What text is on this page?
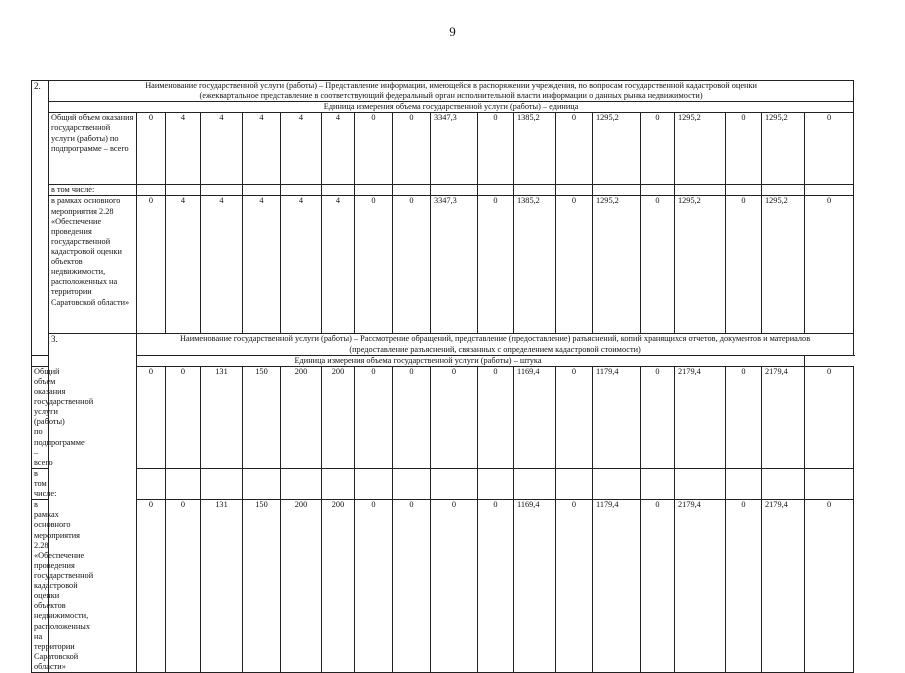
9
2.	Наименование государственной услуги (работы) – Представление информации, имеющейся в распоряжении учреждения, по вопросам государственной кадастровой оценки
(ежеквартальное представление в соответствующий федеральный орган исполнительной власти информации о данных рынка недвижимости)																		
	Единица измерения объема государственной услуги (работы) – единица																		
	Общий объем оказания государственной услуги (работы) по подпрограмме – всего	0	4	4	4	4	4	0	0	3347,3	0	1385,2	0	1295,2	0	1295,2	0	1295,2	0
	в том числе:																		
	в рамках основного мероприятия 2.28 «Обеспечение проведения государственной кадастровой оценки объектов недвижимости, расположенных на территории Саратовской области»	0	4	4	4	4	4	0	0	3347,3	0	1385,2	0	1295,2	0	1295,2	0	1295,2	0
	3.	Наименование государственной услуги (работы) – Рассмотрение обращений, представление (предоставление) разъяснений, копий хранящихся отчетов, документов и материалов
(предоставление разъяснений, связанных с определением кадастровой стоимости)																	
Единица измерения объема государственной услуги (работы) – штука																			
Общий объем оказания государственной услуги (работы) по подпрограмме – всего		0	0	131	150	200	200	0	0	0	0	1169,4	0	1179,4	0	2179,4	0	2179,4	0
в том числе:																			
в рамках основного мероприятия 2.28 «Обеспечение проведения государственной кадастровой оценки объектов недвижимости, расположенных на территории Саратовской области»		0	0	131	150	200	200	0	0	0	0	1169,4	0	1179,4	0	2179,4	0	2179,4	0
